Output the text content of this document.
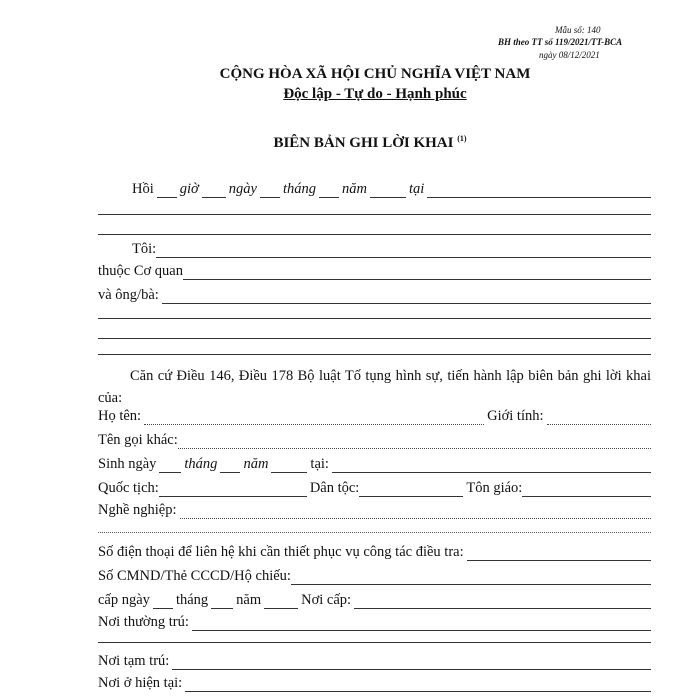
Mẫu số: 140
BH theo TT số 119/2021/TT-BCA
ngày 08/12/2021
CỘNG HÒA XÃ HỘI CHỦ NGHĨA VIỆT NAM
Độc lập - Tự do - Hạnh phúc
BIÊN BẢN GHI LỜI KHAI $^{(1)}$
Hồi giờ ngày tháng năm	tại
Tôi:
thuộc Cơ quan
và ông/bà:
Căn cứ Điều 146, Điều 178 Bộ luật Tố tụng hình sự, tiến hành lập biên bản ghi lời khai của:
Họ tên:	Giới tính:
Tên gọi khác:
Sinh ngày tháng năm	tại:
Quốc tịch:	Dân tộc:	Tôn giáo:
Nghề nghiệp:
Số điện thoại để liên hệ khi cần thiết phục vụ công tác điều tra:
Số CMND/Thẻ CCCD/Hộ chiếu:
cấp ngày tháng năm	Nơi cấp:
Nơi thường trú:
Nơi tạm trú:
Nơi ở hiện tại:
